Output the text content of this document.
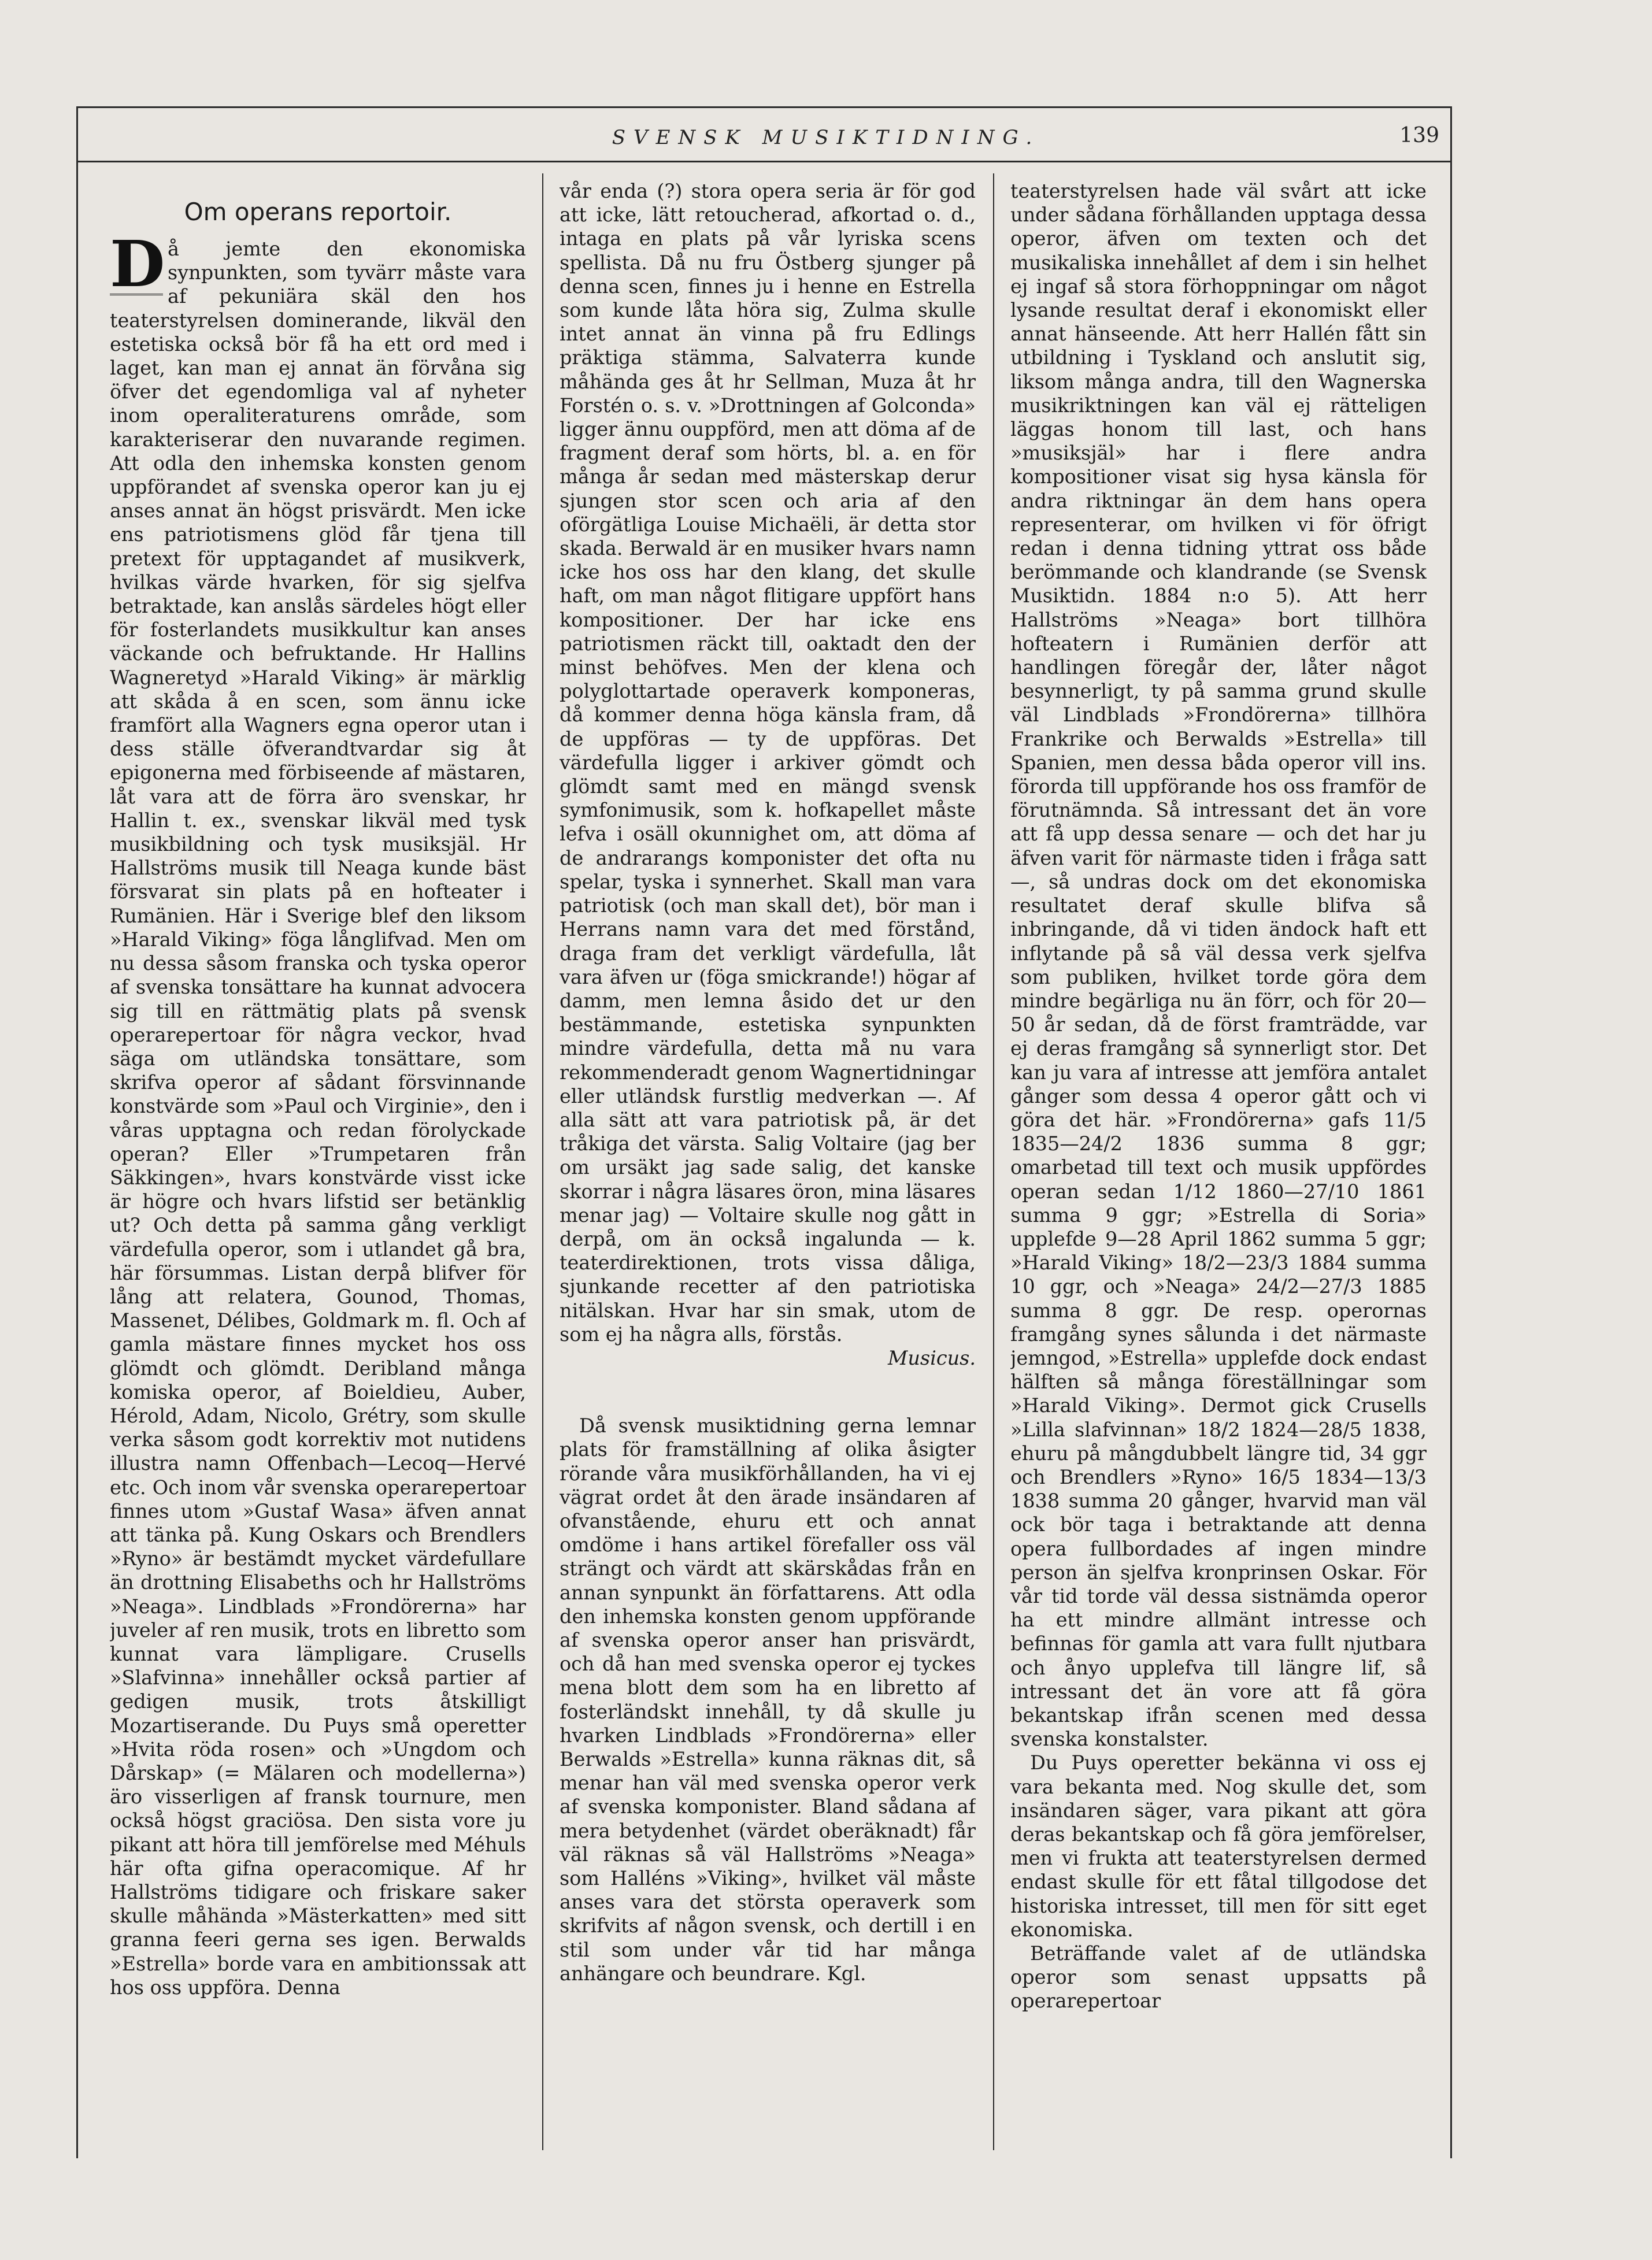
SVENSK MUSIKTIDNING.	139
Om operans reportoir.

D å jemte den ekonomiska synpunkten, som tyvärr måste vara af pekuniära skäl den hos teaterstyrelsen dominerande, likväl den estetiska också bör få ha ett ord med i laget, kan man ej annat än förvåna sig öfver det egendomliga val af nyheter inom operaliteraturens område, som karakteriserar den nuvarande regimen. Att odla den inhemska konsten genom uppförandet af svenska operor kan ju ej anses annat än högst prisvärdt. Men icke ens patriotismens glöd får tjena till pretext för upptagandet af musikverk, hvilkas värde hvarken, för sig sjelfva betraktade, kan anslås särdeles högt eller för fosterlandets musikkultur kan anses väckande och befruktande. Hr Hallins Wagneretyd »Harald Viking» är märklig att skåda å en scen, som ännu icke framfört alla Wagners egna operor utan i dess ställe öfverandtvardar sig åt epigonerna med förbiseende af mästaren, låt vara att de förra äro svenskar, hr Hallin t. ex., svenskar likväl med tysk musikbildning och tysk musiksjäl. Hr Hallströms musik till Neaga kunde bäst försvarat sin plats på en hofteater i Rumänien. Här i Sverige blef den liksom »Harald Viking» föga långlifvad. Men om nu dessa såsom franska och tyska operor af svenska tonsättare ha kunnat advocera sig till en rättmätig plats på svensk operarepertoar för några veckor, hvad säga om utländska tonsättare, som skrifva operor af sådant försvinnande konstvärde som »Paul och Virginie», den i våras upptagna och redan förolyckade operan? Eller »Trumpetaren från Säkkingen», hvars konstvärde visst icke är högre och hvars lifstid ser betänklig ut? Och detta på samma gång verkligt värdefulla operor, som i utlandet gå bra, här försummas. Listan derpå blifver för lång att relatera, Gounod, Thomas, Massenet, Délibes, Goldmark m. fl. Och af gamla mästare finnes mycket hos oss glömdt och glömdt. Deribland många komiska operor, af Boieldieu, Auber, Hérold, Adam, Nicolo, Grétry, som skulle verka såsom godt korrektiv mot nutidens illustra namn Offenbach—Lecoq—Hervé etc. Och inom vår svenska operarepertoar finnes utom »Gustaf Wasa» äfven annat att tänka på. Kung Oskars och Brendlers »Ryno» är bestämdt mycket värdefullare än drottning Elisabeths och hr Hallströms »Neaga». Lindblads »Frondörerna» har juveler af ren musik, trots en libretto som kunnat vara lämpligare. Crusells »Slafvinna» innehåller också partier af gedigen musik, trots åtskilligt Mozartiserande. Du Puys små operetter »Hvita röda rosen» och »Ungdom och Dårskap» (= Mälaren och modellerna») äro visserligen af fransk tournure, men också högst graciösa. Den sista vore ju pikant att höra till jemförelse med Méhuls här ofta gifna operacomique. Af hr Hallströms tidigare och friskare saker skulle måhända »Mästerkatten» med sitt granna feeri gerna ses igen. Berwalds »Estrella» borde vara en ambitionssak att hos oss uppföra. Denna

vår enda (?) stora opera seria är för god att icke, lätt retoucherad, afkortad o. d., intaga en plats på vår lyriska scens spellista. Då nu fru Östberg sjunger på denna scen, finnes ju i henne en Estrella som kunde låta höra sig, Zulma skulle intet annat än vinna på fru Edlings präktiga stämma, Salvaterra kunde måhända ges åt hr Sellman, Muza åt hr Forstén o. s. v. »Drottningen af Golconda» ligger ännu ouppförd, men att döma af de fragment deraf som hörts, bl. a. en för många år sedan med mästerskap derur sjungen stor scen och aria af den oförgätliga Louise Michaëli, är detta stor skada. Berwald är en musiker hvars namn icke hos oss har den klang, det skulle haft, om man något flitigare uppfört hans kompositioner. Der har icke ens patriotismen räckt till, oaktadt den der minst behöfves. Men der klena och polyglottartade operaverk komponeras, då kommer denna höga känsla fram, då de uppföras — ty de uppföras. Det värdefulla ligger i arkiver gömdt och glömdt samt med en mängd svensk symfonimusik, som k. hofkapellet måste lefva i osäll okunnighet om, att döma af de andrarangs komponister det ofta nu spelar, tyska i synnerhet. Skall man vara patriotisk (och man skall det), bör man i Herrans namn vara det med förstånd, draga fram det verkligt värdefulla, låt vara äfven ur (föga smickrande!) högar af damm, men lemna åsido det ur den bestämmande, estetiska synpunkten mindre värdefulla, detta må nu vara rekommenderadt genom Wagnertidningar eller utländsk furstlig medverkan —. Af alla sätt att vara patriotisk på, är det tråkiga det värsta. Salig Voltaire (jag ber om ursäkt jag sade salig, det kanske skorrar i några läsares öron, mina läsares menar jag) — Voltaire skulle nog gått in derpå, om än också ingalunda — k. teaterdirektionen, trots vissa dåliga, sjunkande recetter af den patriotiska nitälskan. Hvar har sin smak, utom de som ej ha några alls, förstås.

Musicus.

Då svensk musiktidning gerna lemnar plats för framställning af olika åsigter rörande våra musikförhållanden, ha vi ej vägrat ordet åt den ärade insändaren af ofvanstående, ehuru ett och annat omdöme i hans artikel förefaller oss väl strängt och värdt att skärskådas från en annan synpunkt än författarens. Att odla den inhemska konsten genom uppförande af svenska operor anser han prisvärdt, och då han med svenska operor ej tyckes mena blott dem som ha en libretto af fosterländskt innehåll, ty då skulle ju hvarken Lindblads »Frondörerna» eller Berwalds »Estrella» kunna räknas dit, så menar han väl med svenska operor verk af svenska komponister. Bland sådana af mera betydenhet (värdet oberäknadt) får väl räknas så väl Hallströms »Neaga» som Halléns »Viking», hvilket väl måste anses vara det största operaverk som skrifvits af någon svensk, och dertill i en stil som under vår tid har många anhängare och beundrare. Kgl.

teaterstyrelsen hade väl svårt att icke under sådana förhållanden upptaga dessa operor, äfven om texten och det musikaliska innehållet af dem i sin helhet ej ingaf så stora förhoppningar om något lysande resultat deraf i ekonomiskt eller annat hänseende. Att herr Hallén fått sin utbildning i Tyskland och anslutit sig, liksom många andra, till den Wagnerska musikriktningen kan väl ej rätteligen läggas honom till last, och hans »musiksjäl» har i flere andra kompositioner visat sig hysa känsla för andra riktningar än dem hans opera representerar, om hvilken vi för öfrigt redan i denna tidning yttrat oss både berömmande och klandrande (se Svensk Musiktidn. 1884 n:o 5). Att herr Hallströms »Neaga» bort tillhöra hofteatern i Rumänien derför att handlingen föregår der, låter något besynnerligt, ty på samma grund skulle väl Lindblads »Frondörerna» tillhöra Frankrike och Berwalds »Estrella» till Spanien, men dessa båda operor vill ins. förorda till uppförande hos oss framför de förutnämnda. Så intressant det än vore att få upp dessa senare — och det har ju äfven varit för närmaste tiden i fråga satt —, så undras dock om det ekonomiska resultatet deraf skulle blifva så inbringande, då vi tiden ändock haft ett inflytande på så väl dessa verk sjelfva som publiken, hvilket torde göra dem mindre begärliga nu än förr, och för 20—50 år sedan, då de först framträdde, var ej deras framgång så synnerligt stor. Det kan ju vara af intresse att jemföra antalet gånger som dessa 4 operor gått och vi göra det här. »Frondörerna» gafs 11/5 1835—24/2 1836 summa 8 ggr; omarbetad till text och musik uppfördes operan sedan 1/12 1860—27/10 1861 summa 9 ggr; »Estrella di Soria» upplefde 9—28 April 1862 summa 5 ggr; »Harald Viking» 18/2—23/3 1884 summa 10 ggr, och »Neaga» 24/2—27/3 1885 summa 8 ggr. De resp. operornas framgång synes sålunda i det närmaste jemngod, »Estrella» upplefde dock endast hälften så många föreställningar som »Harald Viking». Dermot gick Crusells »Lilla slafvinnan» 18/2 1824—28/5 1838, ehuru på mångdubbelt längre tid, 34 ggr och Brendlers »Ryno» 16/5 1834—13/3 1838 summa 20 gånger, hvarvid man väl ock bör taga i betraktande att denna opera fullbordades af ingen mindre person än sjelfva kronprinsen Oskar. För vår tid torde väl dessa sistnämda operor ha ett mindre allmänt intresse och befinnas för gamla att vara fullt njutbara och ånyo upplefva till längre lif, så intressant det än vore att få göra bekantskap ifrån scenen med dessa svenska konstalster.

Du Puys operetter bekänna vi oss ej vara bekanta med. Nog skulle det, som insändaren säger, vara pikant att göra deras bekantskap och få göra jemförelser, men vi frukta att teaterstyrelsen dermed endast skulle för ett fåtal tillgodose det historiska intresset, till men för sitt eget ekonomiska.

Beträffande valet af de utländska operor som senast uppsatts på operarepertoar
